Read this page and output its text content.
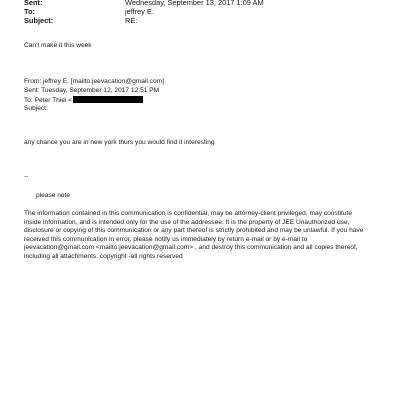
Sent:	Wednesday, September 13, 2017 1:09 AM
To:	jeffrey E.
Subject:	RE:
Can't make it this week
From: jeffrey E. [mailto:jeevacation@gmail.com]
Sent: Tuesday, September 12, 2017 12:51 PM
To: Peter Thiel <
Subject:
any chance you are in new york thurs you would find it interesting
--
please note

The information contained in this communication is confidential, may be attorney-client privileged, may constitute

inside information, and is intended only for the use of the addressee. It is the property of JEE Unauthorized use,

disclosure or copying of this communication or any part thereof is strictly prohibited and may be unlawful. If you have

received this communication in error, please notify us immediately by return e-mail or by e-mail to

jeevacation@gmail.com <mailto:jeevacation@gmail.com> , and destroy this communication and all copies thereof,

including all attachments. copyright -all rights reserved
